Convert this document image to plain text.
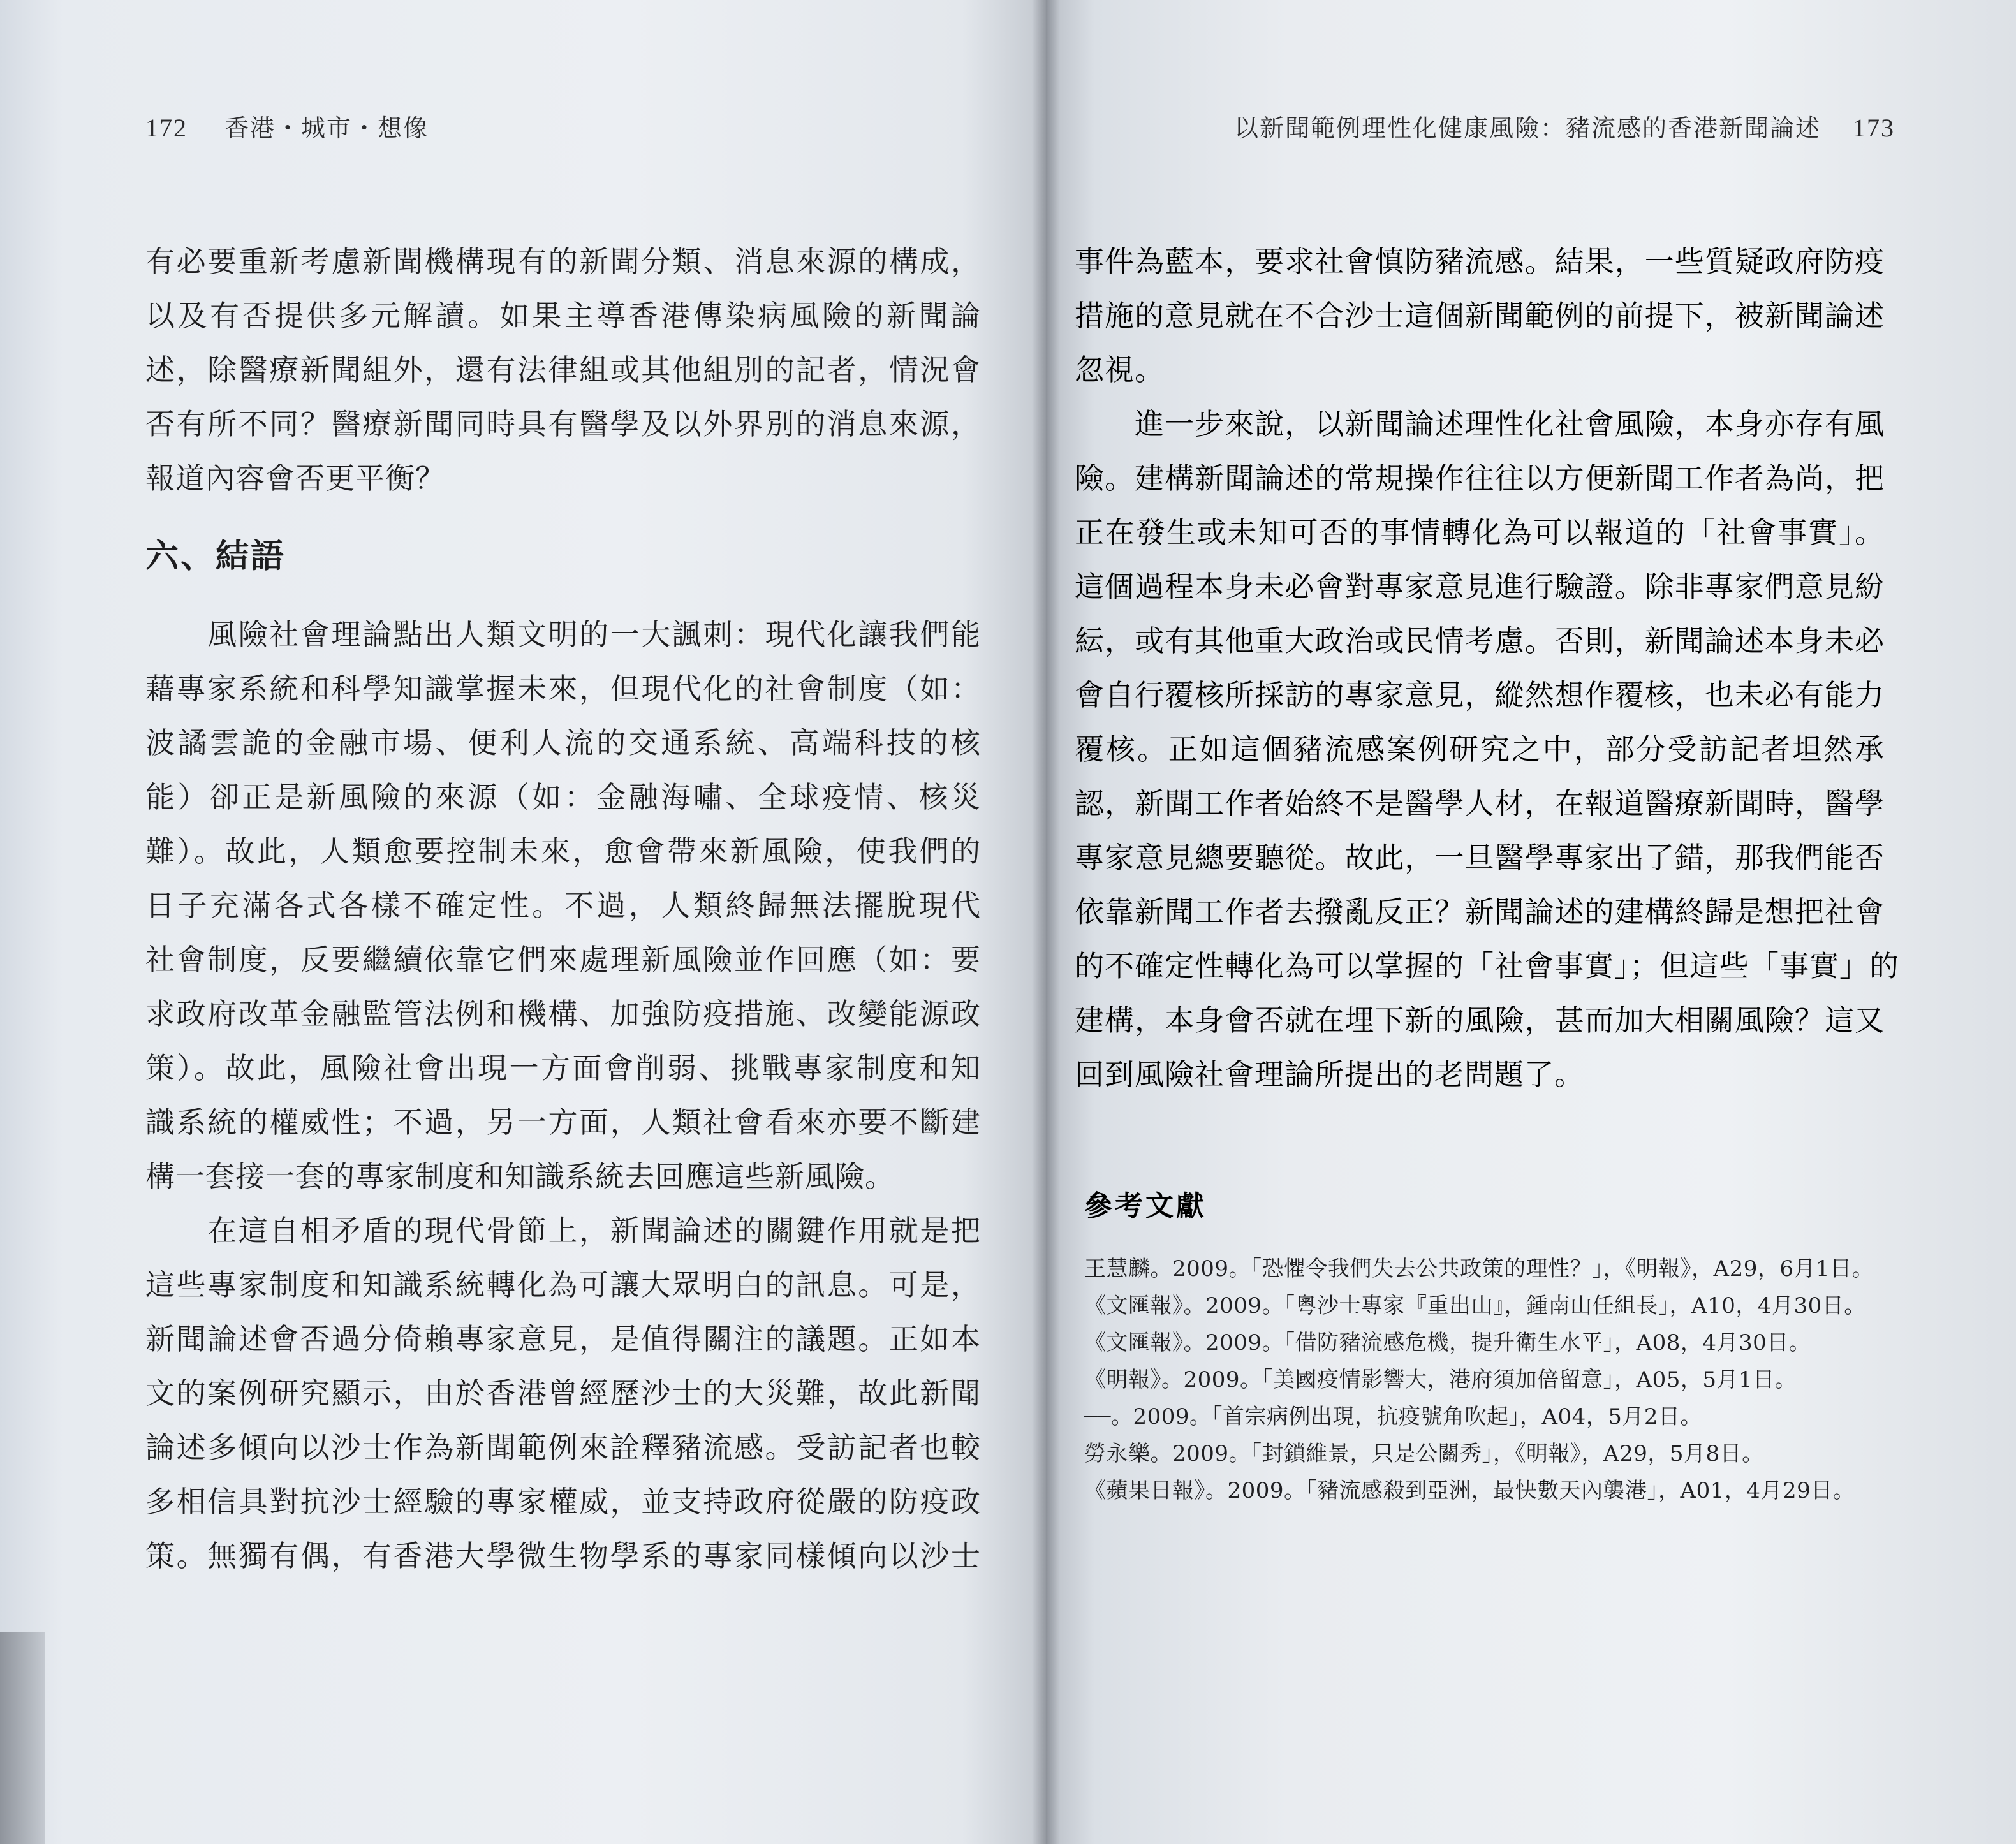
172 香港・城市・想像
有必要重新考慮新聞機構現有的新聞分類、消息來源的構成，
以及有否提供多元解讀。如果主導香港傳染病風險的新聞論
述，除醫療新聞組外，還有法律組或其他組別的記者，情況會
否有所不同？醫療新聞同時具有醫學及以外界別的消息來源，
報道內容會否更平衡？
六、結語
　　風險社會理論點出人類文明的一大諷刺：現代化讓我們能
藉專家系統和科學知識掌握未來，但現代化的社會制度（如：
波譎雲詭的金融市場、便利人流的交通系統、高端科技的核
能）卻正是新風險的來源（如：金融海嘯、全球疫情、核災
難）。故此，人類愈要控制未來，愈會帶來新風險，使我們的
日子充滿各式各樣不確定性。不過，人類終歸無法擺脫現代
社會制度，反要繼續依靠它們來處理新風險並作回應（如：要
求政府改革金融監管法例和機構、加強防疫措施、改變能源政
策）。故此，風險社會出現一方面會削弱、挑戰專家制度和知
識系統的權威性；不過，另一方面，人類社會看來亦要不斷建
構一套接一套的專家制度和知識系統去回應這些新風險。
　　在這自相矛盾的現代骨節上，新聞論述的關鍵作用就是把
這些專家制度和知識系統轉化為可讓大眾明白的訊息。可是，
新聞論述會否過分倚賴專家意見，是值得關注的議題。正如本
文的案例研究顯示，由於香港曾經歷沙士的大災難，故此新聞
論述多傾向以沙士作為新聞範例來詮釋豬流感。受訪記者也較
多相信具對抗沙士經驗的專家權威，並支持政府從嚴的防疫政
策。無獨有偶，有香港大學微生物學系的專家同樣傾向以沙士
以新聞範例理性化健康風險：豬流感的香港新聞論述 173
事件為藍本，要求社會慎防豬流感。結果，一些質疑政府防疫
措施的意見就在不合沙士這個新聞範例的前提下，被新聞論述
忽視。
　　進一步來說，以新聞論述理性化社會風險，本身亦存有風
險。建構新聞論述的常規操作往往以方便新聞工作者為尚，把
正在發生或未知可否的事情轉化為可以報道的「社會事實」。
這個過程本身未必會對專家意見進行驗證。除非專家們意見紛
紜，或有其他重大政治或民情考慮。否則，新聞論述本身未必
會自行覆核所採訪的專家意見，縱然想作覆核，也未必有能力
覆核。正如這個豬流感案例研究之中，部分受訪記者坦然承
認，新聞工作者始終不是醫學人材，在報道醫療新聞時，醫學
專家意見總要聽從。故此，一旦醫學專家出了錯，那我們能否
依靠新聞工作者去撥亂反正？新聞論述的建構終歸是想把社會
的不確定性轉化為可以掌握的「社會事實」；但這些「事實」的
建構，本身會否就在埋下新的風險，甚而加大相關風險？這又
回到風險社會理論所提出的老問題了。
參考文獻
王慧麟。2009。「恐懼令我們失去公共政策的理性？」，《明報》，A29，6月1日。
《文匯報》。2009。「粵沙士專家『重出山』，鍾南山任組長」，A10，4月30日。
《文匯報》。2009。「借防豬流感危機，提升衛生水平」，A08，4月30日。
《明報》。2009。「美國疫情影響大，港府須加倍留意」，A05，5月1日。
──。2009。「首宗病例出現，抗疫號角吹起」，A04，5月2日。
勞永樂。2009。「封鎖維景，只是公關秀」，《明報》，A29，5月8日。
《蘋果日報》。2009。「豬流感殺到亞洲，最快數天內襲港」，A01，4月29日。
